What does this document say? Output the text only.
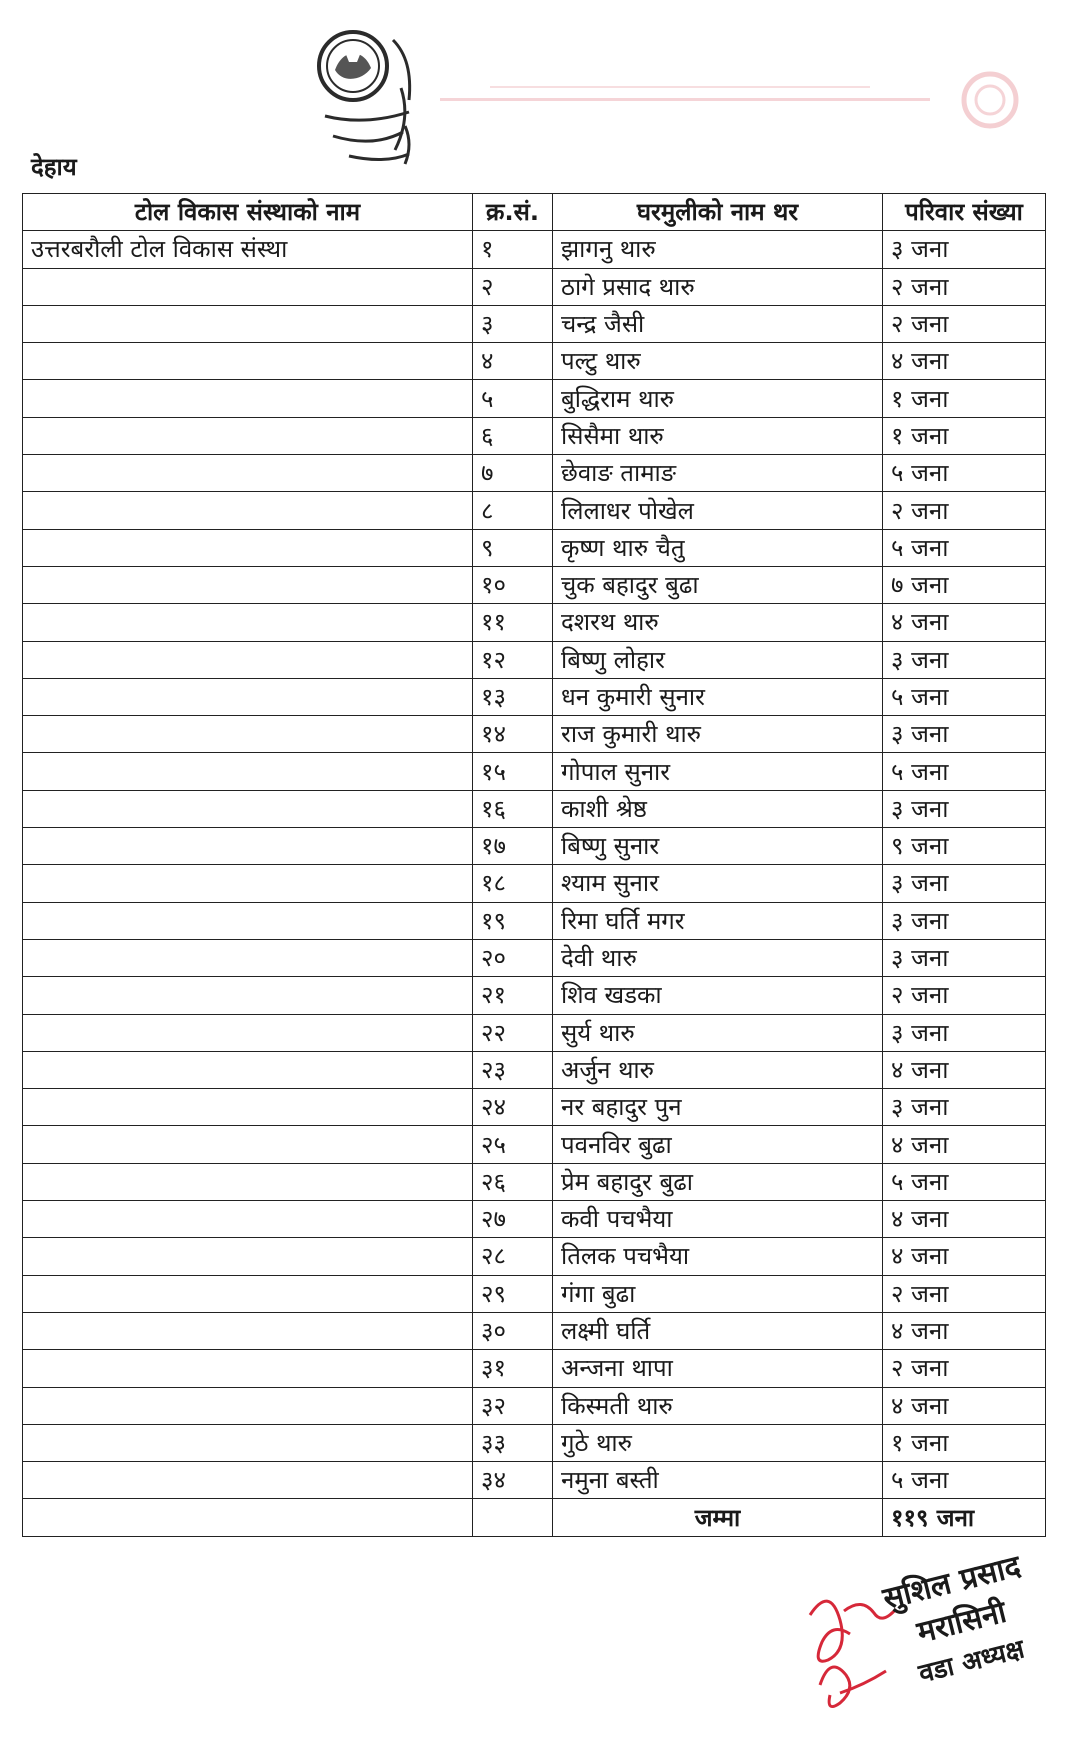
देहाय
टोल विकास संस्थाको नाम	क्र.सं.	घरमुलीको नाम थर	परिवार संख्या
उत्तरबरौली टोल विकास संस्था	१	झागनु थारु	३ जना
	२	ठागे प्रसाद थारु	२ जना
	३	चन्द्र जैसी	२ जना
	४	पल्टु थारु	४ जना
	५	बुद्धिराम थारु	१ जना
	६	सिसैमा थारु	१ जना
	७	छेवाङ तामाङ	५ जना
	८	लिलाधर पोखेल	२ जना
	९	कृष्ण थारु चैतु	५ जना
	१०	चुक बहादुर बुढा	७ जना
	११	दशरथ थारु	४ जना
	१२	बिष्णु लोहार	३ जना
	१३	धन कुमारी सुनार	५ जना
	१४	राज कुमारी थारु	३ जना
	१५	गोपाल सुनार	५ जना
	१६	काशी श्रेष्ठ	३ जना
	१७	बिष्णु सुनार	९ जना
	१८	श्याम सुनार	३ जना
	१९	रिमा घर्ति मगर	३ जना
	२०	देवी थारु	३ जना
	२१	शिव खडका	२ जना
	२२	सुर्य थारु	३ जना
	२३	अर्जुन थारु	४ जना
	२४	नर बहादुर पुन	३ जना
	२५	पवनविर बुढा	४ जना
	२६	प्रेम बहादुर बुढा	५ जना
	२७	कवी पचभैया	४ जना
	२८	तिलक पचभैया	४ जना
	२९	गंगा बुढा	२ जना
	३०	लक्ष्मी घर्ति	४ जना
	३१	अन्जना थापा	२ जना
	३२	किस्मती थारु	४ जना
	३३	गुठे थारु	१ जना
	३४	नमुना बस्ती	५ जना
		जम्मा	११९ जना
सुशिल प्रसाद मरासिनी
वडा अध्यक्ष
